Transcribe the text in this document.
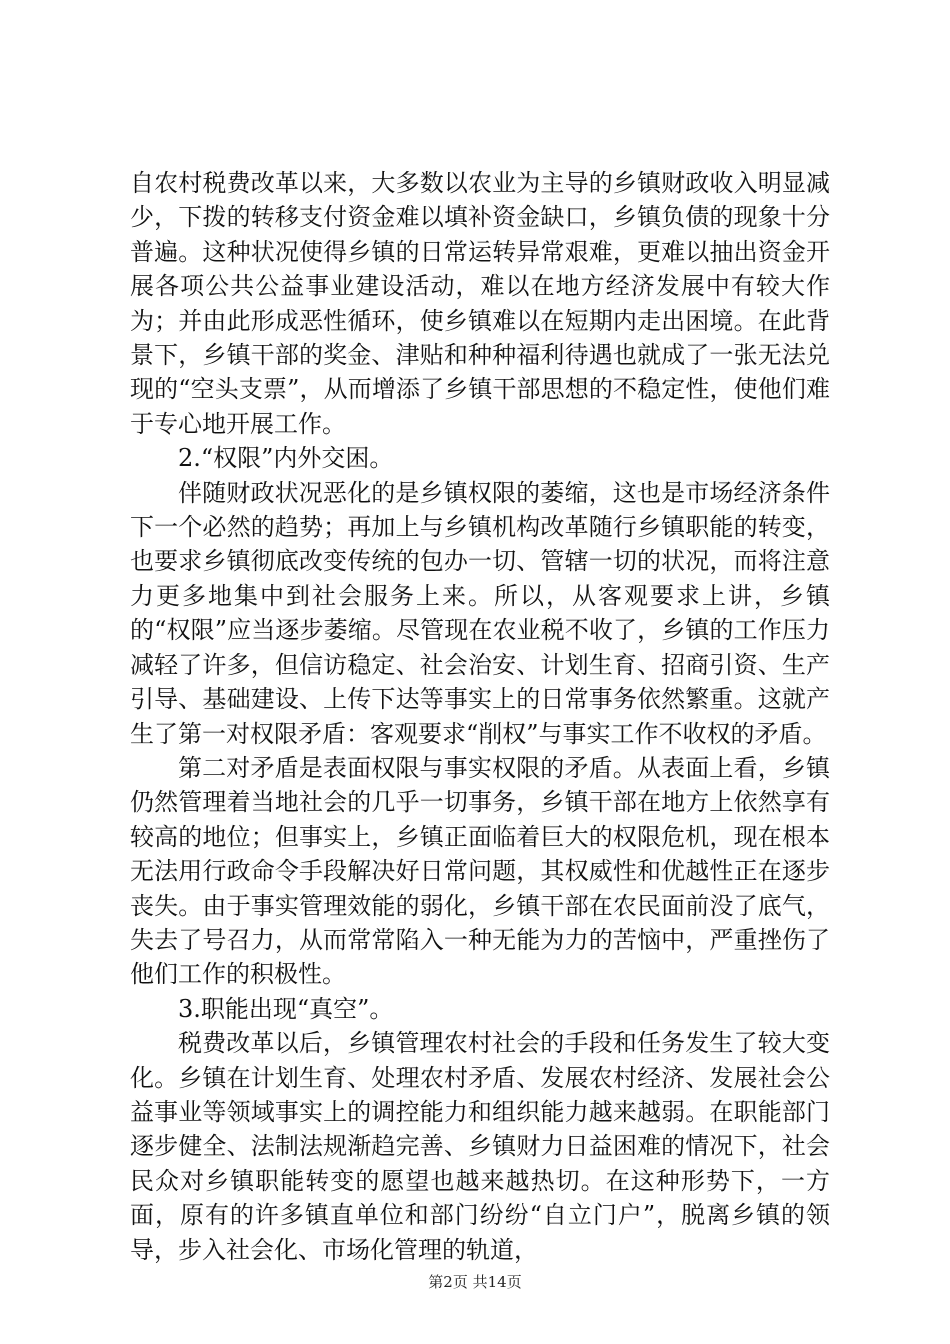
自农村税费改革以来，大多数以农业为主导的乡镇财政收入明显减少，下拨的转移支付资金难以填补资金缺口，乡镇负债的现象十分普遍。这种状况使得乡镇的日常运转异常艰难，更难以抽出资金开展各项公共公益事业建设活动，难以在地方经济发展中有较大作为；并由此形成恶性循环，使乡镇难以在短期内走出困境。在此背景下，乡镇干部的奖金、津贴和种种福利待遇也就成了一张无法兑现的“空头支票”，从而增添了乡镇干部思想的不稳定性，使他们难于专心地开展工作。

2.“权限”内外交困。

伴随财政状况恶化的是乡镇权限的萎缩，这也是市场经济条件下一个必然的趋势；再加上与乡镇机构改革随行乡镇职能的转变，也要求乡镇彻底改变传统的包办一切、管辖一切的状况，而将注意力更多地集中到社会服务上来。所以，从客观要求上讲，乡镇的“权限”应当逐步萎缩。尽管现在农业税不收了，乡镇的工作压力减轻了许多，但信访稳定、社会治安、计划生育、招商引资、生产引导、基础建设、上传下达等事实上的日常事务依然繁重。这就产生了第一对权限矛盾：客观要求“削权”与事实工作不收权的矛盾。

第二对矛盾是表面权限与事实权限的矛盾。从表面上看，乡镇仍然管理着当地社会的几乎一切事务，乡镇干部在地方上依然享有较高的地位；但事实上，乡镇正面临着巨大的权限危机，现在根本无法用行政命令手段解决好日常问题，其权威性和优越性正在逐步丧失。由于事实管理效能的弱化，乡镇干部在农民面前没了底气，失去了号召力，从而常常陷入一种无能为力的苦恼中，严重挫伤了他们工作的积极性。

3.职能出现“真空”。

税费改革以后，乡镇管理农村社会的手段和任务发生了较大变化。乡镇在计划生育、处理农村矛盾、发展农村经济、发展社会公益事业等领域事实上的调控能力和组织能力越来越弱。在职能部门逐步健全、法制法规渐趋完善、乡镇财力日益困难的情况下，社会民众对乡镇职能转变的愿望也越来越热切。在这种形势下，一方面，原有的许多镇直单位和部门纷纷“自立门户”，脱离乡镇的领导，步入社会化、市场化管理的轨道，

第2页 共14页
